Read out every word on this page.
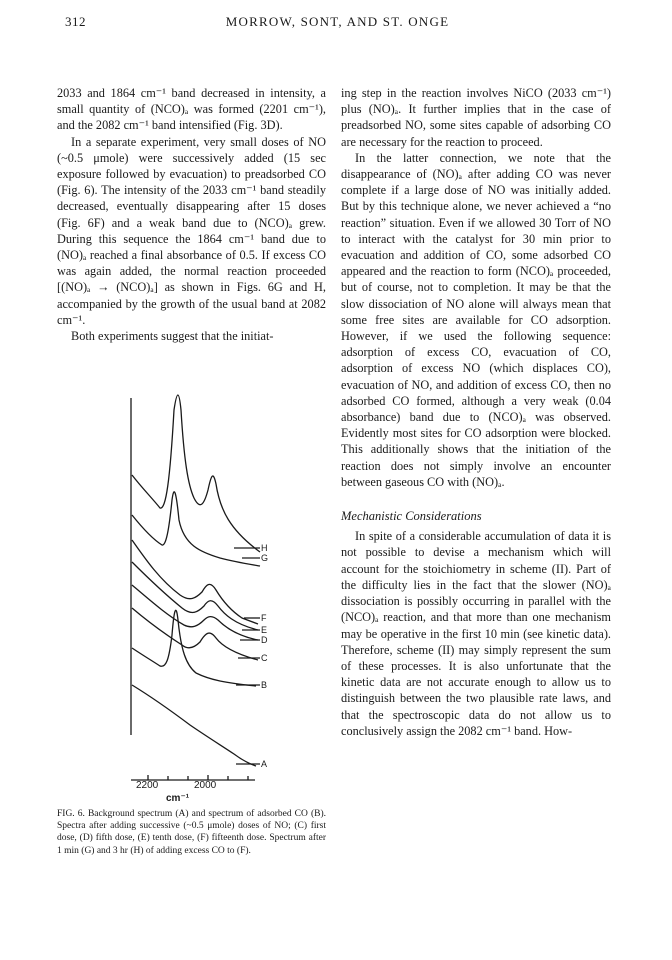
312	MORROW, SONT, AND ST. ONGE

2033 and 1864 cm⁻¹ band decreased in intensity, a small quantity of (NCO)ₐ was formed (2201 cm⁻¹), and the 2082 cm⁻¹ band intensified (Fig. 3D).

In a separate experiment, very small doses of NO (~0.5 μmole) were successively added (15 sec exposure followed by evacuation) to preadsorbed CO (Fig. 6). The intensity of the 2033 cm⁻¹ band steadily decreased, eventually disappearing after 15 doses (Fig. 6F) and a weak band due to (NCO)ₐ grew. During this sequence the 1864 cm⁻¹ band due to (NO)ₐ reached a final absorbance of 0.5. If excess CO was again added, the normal reaction proceeded [(NO)ₐ → (NCO)ₐ] as shown in Figs. 6G and H, accompanied by the growth of the usual band at 2082 cm⁻¹.

Both experiments suggest that the initiat-

H
G
F
E
D
C
B
A
2200	2000
cm⁻¹
FIG. 6. Background spectrum (A) and spectrum of adsorbed CO (B). Spectra after adding successive (~0.5 μmole) doses of NO; (C) first dose, (D) fifth dose, (E) tenth dose, (F) fifteenth dose. Spectrum after 1 min (G) and 3 hr (H) of adding excess CO to (F).

ing step in the reaction involves NiCO (2033 cm⁻¹) plus (NO)ₐ. It further implies that in the case of preadsorbed NO, some sites capable of adsorbing CO are necessary for the reaction to proceed.

In the latter connection, we note that the disappearance of (NO)ₐ after adding CO was never complete if a large dose of NO was initially added. But by this technique alone, we never achieved a “no reaction” situation. Even if we allowed 30 Torr of NO to interact with the catalyst for 30 min prior to evacuation and addition of CO, some adsorbed CO appeared and the reaction to form (NCO)ₐ proceeded, but of course, not to completion. It may be that the slow dissociation of NO alone will always mean that some free sites are available for CO adsorption. However, if we used the following sequence: adsorption of excess CO, evacuation of CO, adsorption of excess NO (which displaces CO), evacuation of NO, and addition of excess CO, then no adsorbed CO formed, although a very weak (0.04 absorbance) band due to (NCO)ₐ was observed. Evidently most sites for CO adsorption were blocked. This additionally shows that the initiation of the reaction does not simply involve an encounter between gaseous CO with (NO)ₐ.

Mechanistic Considerations

In spite of a considerable accumulation of data it is not possible to devise a mechanism which will account for the stoichiometry in scheme (II). Part of the difficulty lies in the fact that the slower (NO)ₐ dissociation is possibly occurring in parallel with the (NCO)ₐ reaction, and that more than one mechanism may be operative in the first 10 min (see kinetic data). Therefore, scheme (II) may simply represent the sum of these processes. It is also unfortunate that the kinetic data are not accurate enough to allow us to distinguish between the two plausible rate laws, and that the spectroscopic data do not allow us to conclusively assign the 2082 cm⁻¹ band. How-
